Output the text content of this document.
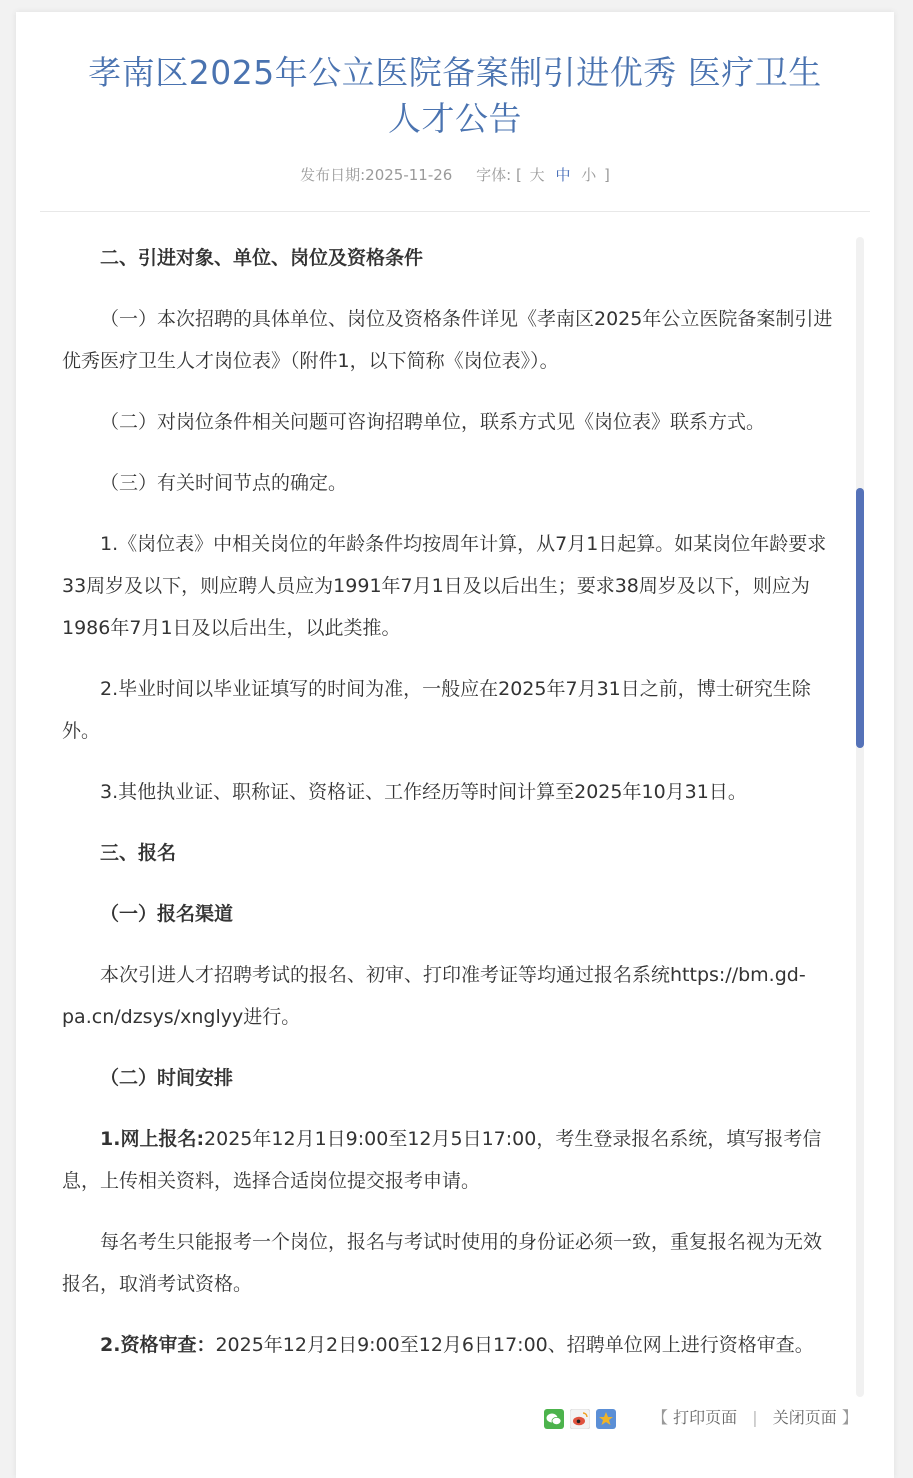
孝南区2025年公立医院备案制引进优秀 医疗卫生
人才公告
发布日期:2025-11-26 字体: [ 大 中 小 ]

二、引进对象、单位、岗位及资格条件

（一）本次招聘的具体单位、岗位及资格条件详见《孝南区2025年公立医院备案制引进优秀医疗卫生人才岗位表》（附件1，以下简称《岗位表》）。

（二）对岗位条件相关问题可咨询招聘单位，联系方式见《岗位表》联系方式。

（三）有关时间节点的确定。

1.《岗位表》中相关岗位的年龄条件均按周年计算，从7月1日起算。如某岗位年龄要求33周岁及以下，则应聘人员应为1991年7月1日及以后出生；要求38周岁及以下，则应为1986年7月1日及以后出生，以此类推。

2.毕业时间以毕业证填写的时间为准，一般应在2025年7月31日之前，博士研究生除外。

3.其他执业证、职称证、资格证、工作经历等时间计算至2025年10月31日。

三、报名

（一）报名渠道

本次引进人才招聘考试的报名、初审、打印准考证等均通过报名系统https://bm.gd-pa.cn/dzsys/xnglyy进行。

（二）时间安排

1.网上报名:2025年12月1日9:00至12月5日17:00，考生登录报名系统，填写报考信息，上传相关资料，选择合适岗位提交报考申请。

每名考生只能报考一个岗位，报名与考试时使用的身份证必须一致，重复报名视为无效报名，取消考试资格。

2.资格审查：2025年12月2日9:00至12月6日17:00、招聘单位网上进行资格审查。

【 打印页面 | 关闭页面 】
